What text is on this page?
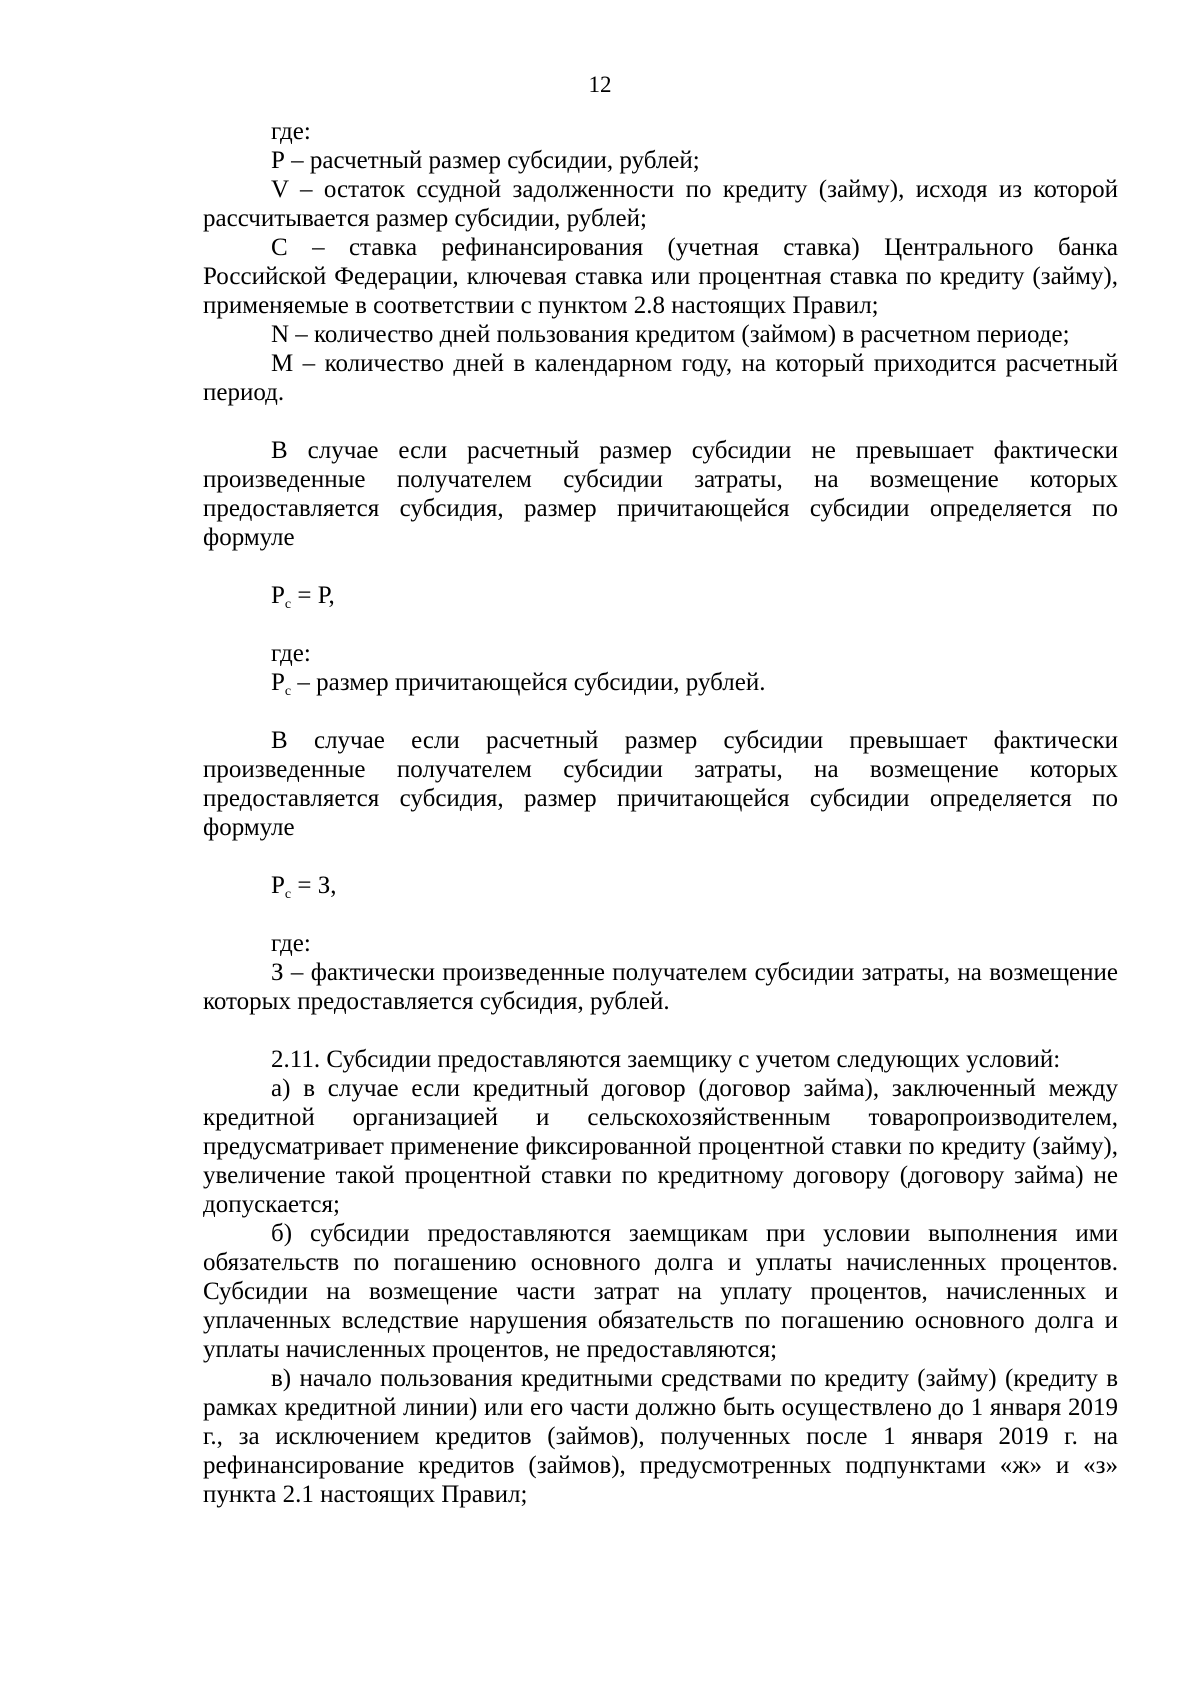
12

где:

Р – расчетный размер субсидии, рублей;

V – остаток ссудной задолженности по кредиту (займу), исходя из которой рассчитывается размер субсидии, рублей;

С – ставка рефинансирования (учетная ставка) Центрального банка Российской Федерации, ключевая ставка или процентная ставка по кредиту (займу), применяемые в соответствии с пунктом 2.8 настоящих Правил;

N – количество дней пользования кредитом (займом) в расчетном периоде;

М – количество дней в календарном году, на который приходится расчетный период.

В случае если расчетный размер субсидии не превышает фактически произведенные получателем субсидии затраты, на возмещение которых предоставляется субсидия, размер причитающейся субсидии определяется по формуле

$Р_с = Р$,

где:

$Р_с$ – размер причитающейся субсидии, рублей.

В случае если расчетный размер субсидии превышает фактически произведенные получателем субсидии затраты, на возмещение которых предоставляется субсидия, размер причитающейся субсидии определяется по формуле

$Р_с = З$,

где:

З – фактически произведенные получателем субсидии затраты, на возмещение которых предоставляется субсидия, рублей.

2.11. Субсидии предоставляются заемщику с учетом следующих условий:

а) в случае если кредитный договор (договор займа), заключенный между кредитной организацией и сельскохозяйственным товаропроизводителем, предусматривает применение фиксированной процентной ставки по кредиту (займу), увеличение такой процентной ставки по кредитному договору (договору займа) не допускается;

б) субсидии предоставляются заемщикам при условии выполнения ими обязательств по погашению основного долга и уплаты начисленных процентов. Субсидии на возмещение части затрат на уплату процентов, начисленных и уплаченных вследствие нарушения обязательств по погашению основного долга и уплаты начисленных процентов, не предоставляются;

в) начало пользования кредитными средствами по кредиту (займу) (кредиту в рамках кредитной линии) или его части должно быть осуществлено до 1 января 2019 г., за исключением кредитов (займов), полученных после 1 января 2019 г. на рефинансирование кредитов (займов), предусмотренных подпунктами «ж» и «з» пункта 2.1 настоящих Правил;
